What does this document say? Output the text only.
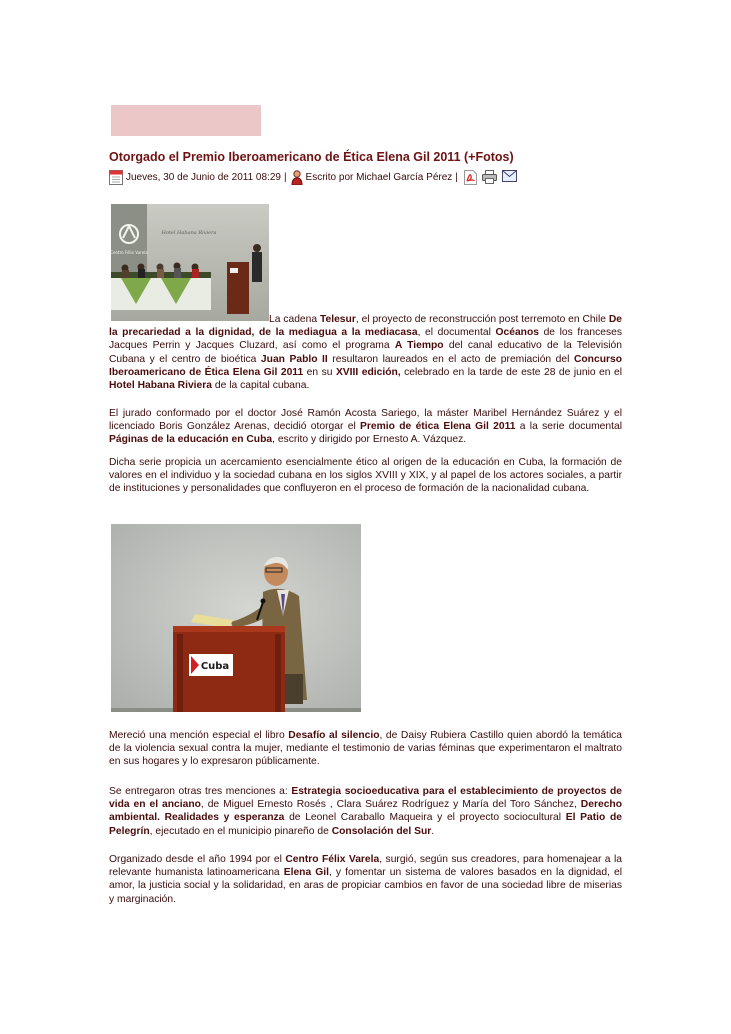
Otorgado el Premio Iberoamericano de Ética Elena Gil 2011 (+Fotos)
Jueves, 30 de Junio de 2011 08:29 | Escrito por Michael García Pérez |
Centro Félix Varela
Hotel Habana Riviera

La cadena Telesur, el proyecto de reconstrucción post terremoto en Chile De la precariedad a la dignidad, de la mediagua a la mediacasa, el documental Océanos de los franceses Jacques Perrin y Jacques Cluzard, así como el programa A Tiempo del canal educativo de la Televisión Cubana y el centro de bioética Juan Pablo II resultaron laureados en el acto de premiación del Concurso Iberoamericano de Ética Elena Gil 2011 en su XVIII edición, celebrado en la tarde de este 28 de junio en el Hotel Habana Riviera de la capital cubana.

El jurado conformado por el doctor José Ramón Acosta Sariego, la máster Maribel Hernández Suárez y el licenciado Boris González Arenas, decidió otorgar el Premio de ética Elena Gil 2011 a la serie documental Páginas de la educación en Cuba, escrito y dirigido por Ernesto A. Vázquez.

Dicha serie propicia un acercamiento esencialmente ético al origen de la educación en Cuba, la formación de valores en el individuo y la sociedad cubana en los siglos XVIII y XIX, y al papel de los actores sociales, a partir de instituciones y personalidades que confluyeron en el proceso de formación de la nacionalidad cubana.

Cuba

Mereció una mención especial el libro Desafío al silencio, de Daisy Rubiera Castillo quien abordó la temática de la violencia sexual contra la mujer, mediante el testimonio de varias féminas que experimentaron el maltrato en sus hogares y lo expresaron públicamente.

Se entregaron otras tres menciones a: Estrategia socioeducativa para el establecimiento de proyectos de vida en el anciano, de Miguel Ernesto Rosés , Clara Suárez Rodríguez y María del Toro Sánchez, Derecho ambiental. Realidades y esperanza de Leonel Caraballo Maqueira y el proyecto sociocultural El Patio de Pelegrín, ejecutado en el municipio pinareño de Consolación del Sur.

Organizado desde el año 1994 por el Centro Félix Varela, surgió, según sus creadores, para homenajear a la relevante humanista latinoamericana Elena Gil, y fomentar un sistema de valores basados en la dignidad, el amor, la justicia social y la solidaridad, en aras de propiciar cambios en favor de una sociedad libre de miserias y marginación.
